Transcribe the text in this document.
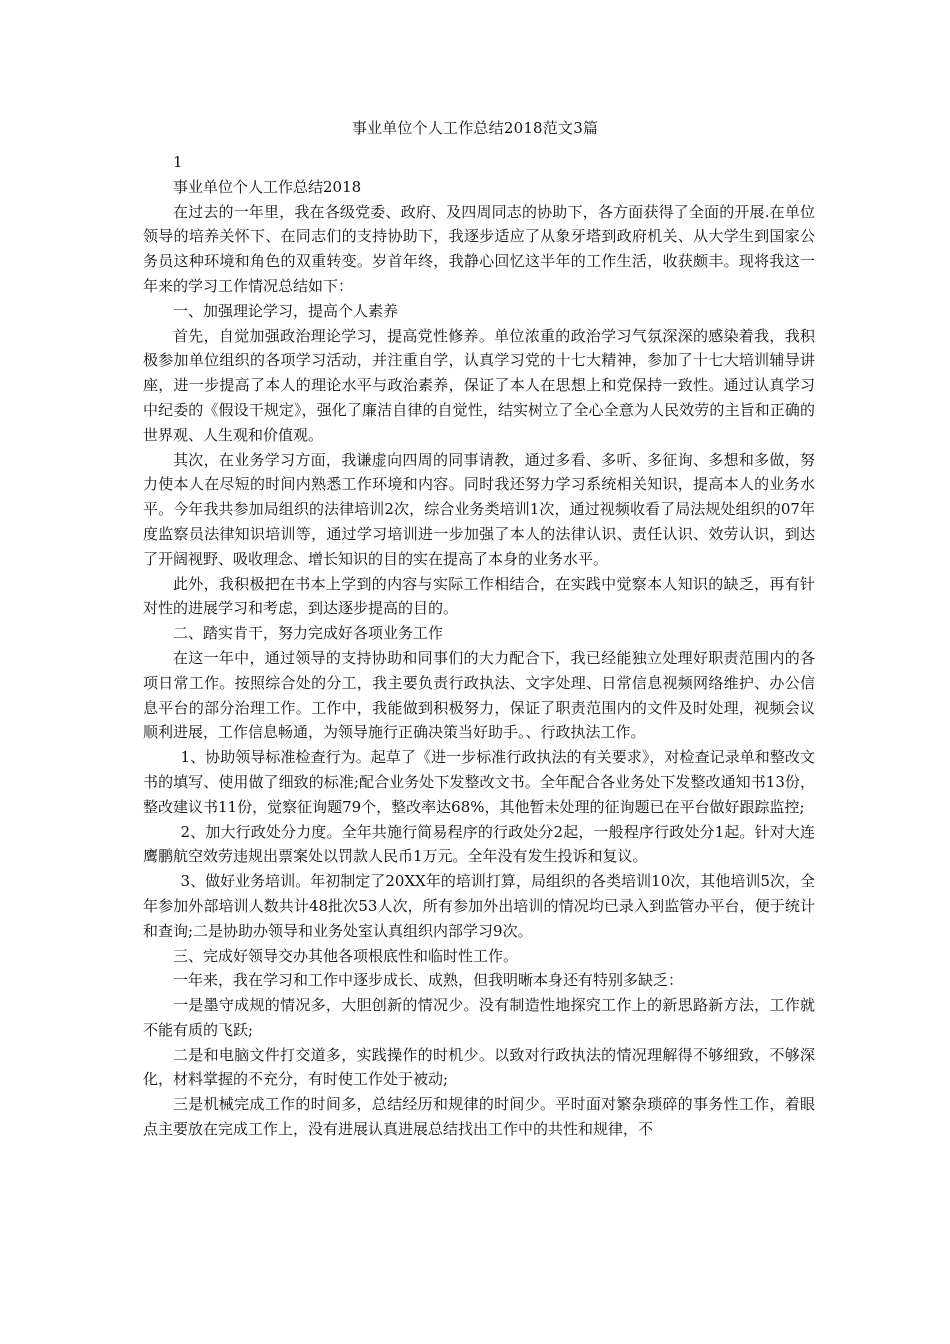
事业单位个人工作总结2018范文3篇

1

事业单位个人工作总结2018

在过去的一年里，我在各级党委、政府、及四周同志的协助下，各方面获得了全面的开展.在单位领导的培养关怀下、在同志们的支持协助下，我逐步适应了从象牙塔到政府机关、从大学生到国家公务员这种环境和角色的双重转变。岁首年终，我静心回忆这半年的工作生活，收获颇丰。现将我这一年来的学习工作情况总结如下：

一、加强理论学习，提高个人素养

首先，自觉加强政治理论学习，提高党性修养。单位浓重的政治学习气氛深深的感染着我，我积极参加单位组织的各项学习活动，并注重自学，认真学习党的十七大精神，参加了十七大培训辅导讲座，进一步提高了本人的理论水平与政治素养，保证了本人在思想上和党保持一致性。通过认真学习中纪委的《假设干规定》，强化了廉洁自律的自觉性，结实树立了全心全意为人民效劳的主旨和正确的世界观、人生观和价值观。

其次，在业务学习方面，我谦虚向四周的同事请教，通过多看、多听、多征询、多想和多做，努力使本人在尽短的时间内熟悉工作环境和内容。同时我还努力学习系统相关知识，提高本人的业务水平。今年我共参加局组织的法律培训2次，综合业务类培训1次，通过视频收看了局法规处组织的07年度监察员法律知识培训等，通过学习培训进一步加强了本人的法律认识、责任认识、效劳认识，到达了开阔视野、吸收理念、增长知识的目的实在提高了本身的业务水平。

此外，我积极把在书本上学到的内容与实际工作相结合，在实践中觉察本人知识的缺乏，再有针对性的进展学习和考虑，到达逐步提高的目的。

二、踏实肯干，努力完成好各项业务工作

在这一年中，通过领导的支持协助和同事们的大力配合下，我已经能独立处理好职责范围内的各项日常工作。按照综合处的分工，我主要负责行政执法、文字处理、日常信息视频网络维护、办公信息平台的部分治理工作。工作中，我能做到积极努力，保证了职责范围内的文件及时处理，视频会议顺利进展，工作信息畅通，为领导施行正确决策当好助手。、行政执法工作。

1、协助领导标准检查行为。起草了《进一步标准行政执法的有关要求》，对检查记录单和整改文书的填写、使用做了细致的标准;配合业务处下发整改文书。全年配合各业务处下发整改通知书13份，整改建议书11份，觉察征询题79个，整改率达68%，其他暂未处理的征询题已在平台做好跟踪监控;

2、加大行政处分力度。全年共施行简易程序的行政处分2起，一般程序行政处分1起。针对大连鹰鹏航空效劳违规出票案处以罚款人民币1万元。全年没有发生投诉和复议。

3、做好业务培训。年初制定了20XX年的培训打算，局组织的各类培训10次，其他培训5次，全年参加外部培训人数共计48批次53人次，所有参加外出培训的情况均已录入到监管办平台，便于统计和查询;二是协助办领导和业务处室认真组织内部学习9次。

三、完成好领导交办其他各项根底性和临时性工作。

一年来，我在学习和工作中逐步成长、成熟，但我明晰本身还有特别多缺乏：

一是墨守成规的情况多，大胆创新的情况少。没有制造性地探究工作上的新思路新方法，工作就不能有质的飞跃;

二是和电脑文件打交道多，实践操作的时机少。以致对行政执法的情况理解得不够细致，不够深化，材料掌握的不充分，有时使工作处于被动;

三是机械完成工作的时间多，总结经历和规律的时间少。平时面对繁杂琐碎的事务性工作，着眼点主要放在完成工作上，没有进展认真进展总结找出工作中的共性和规律，不
